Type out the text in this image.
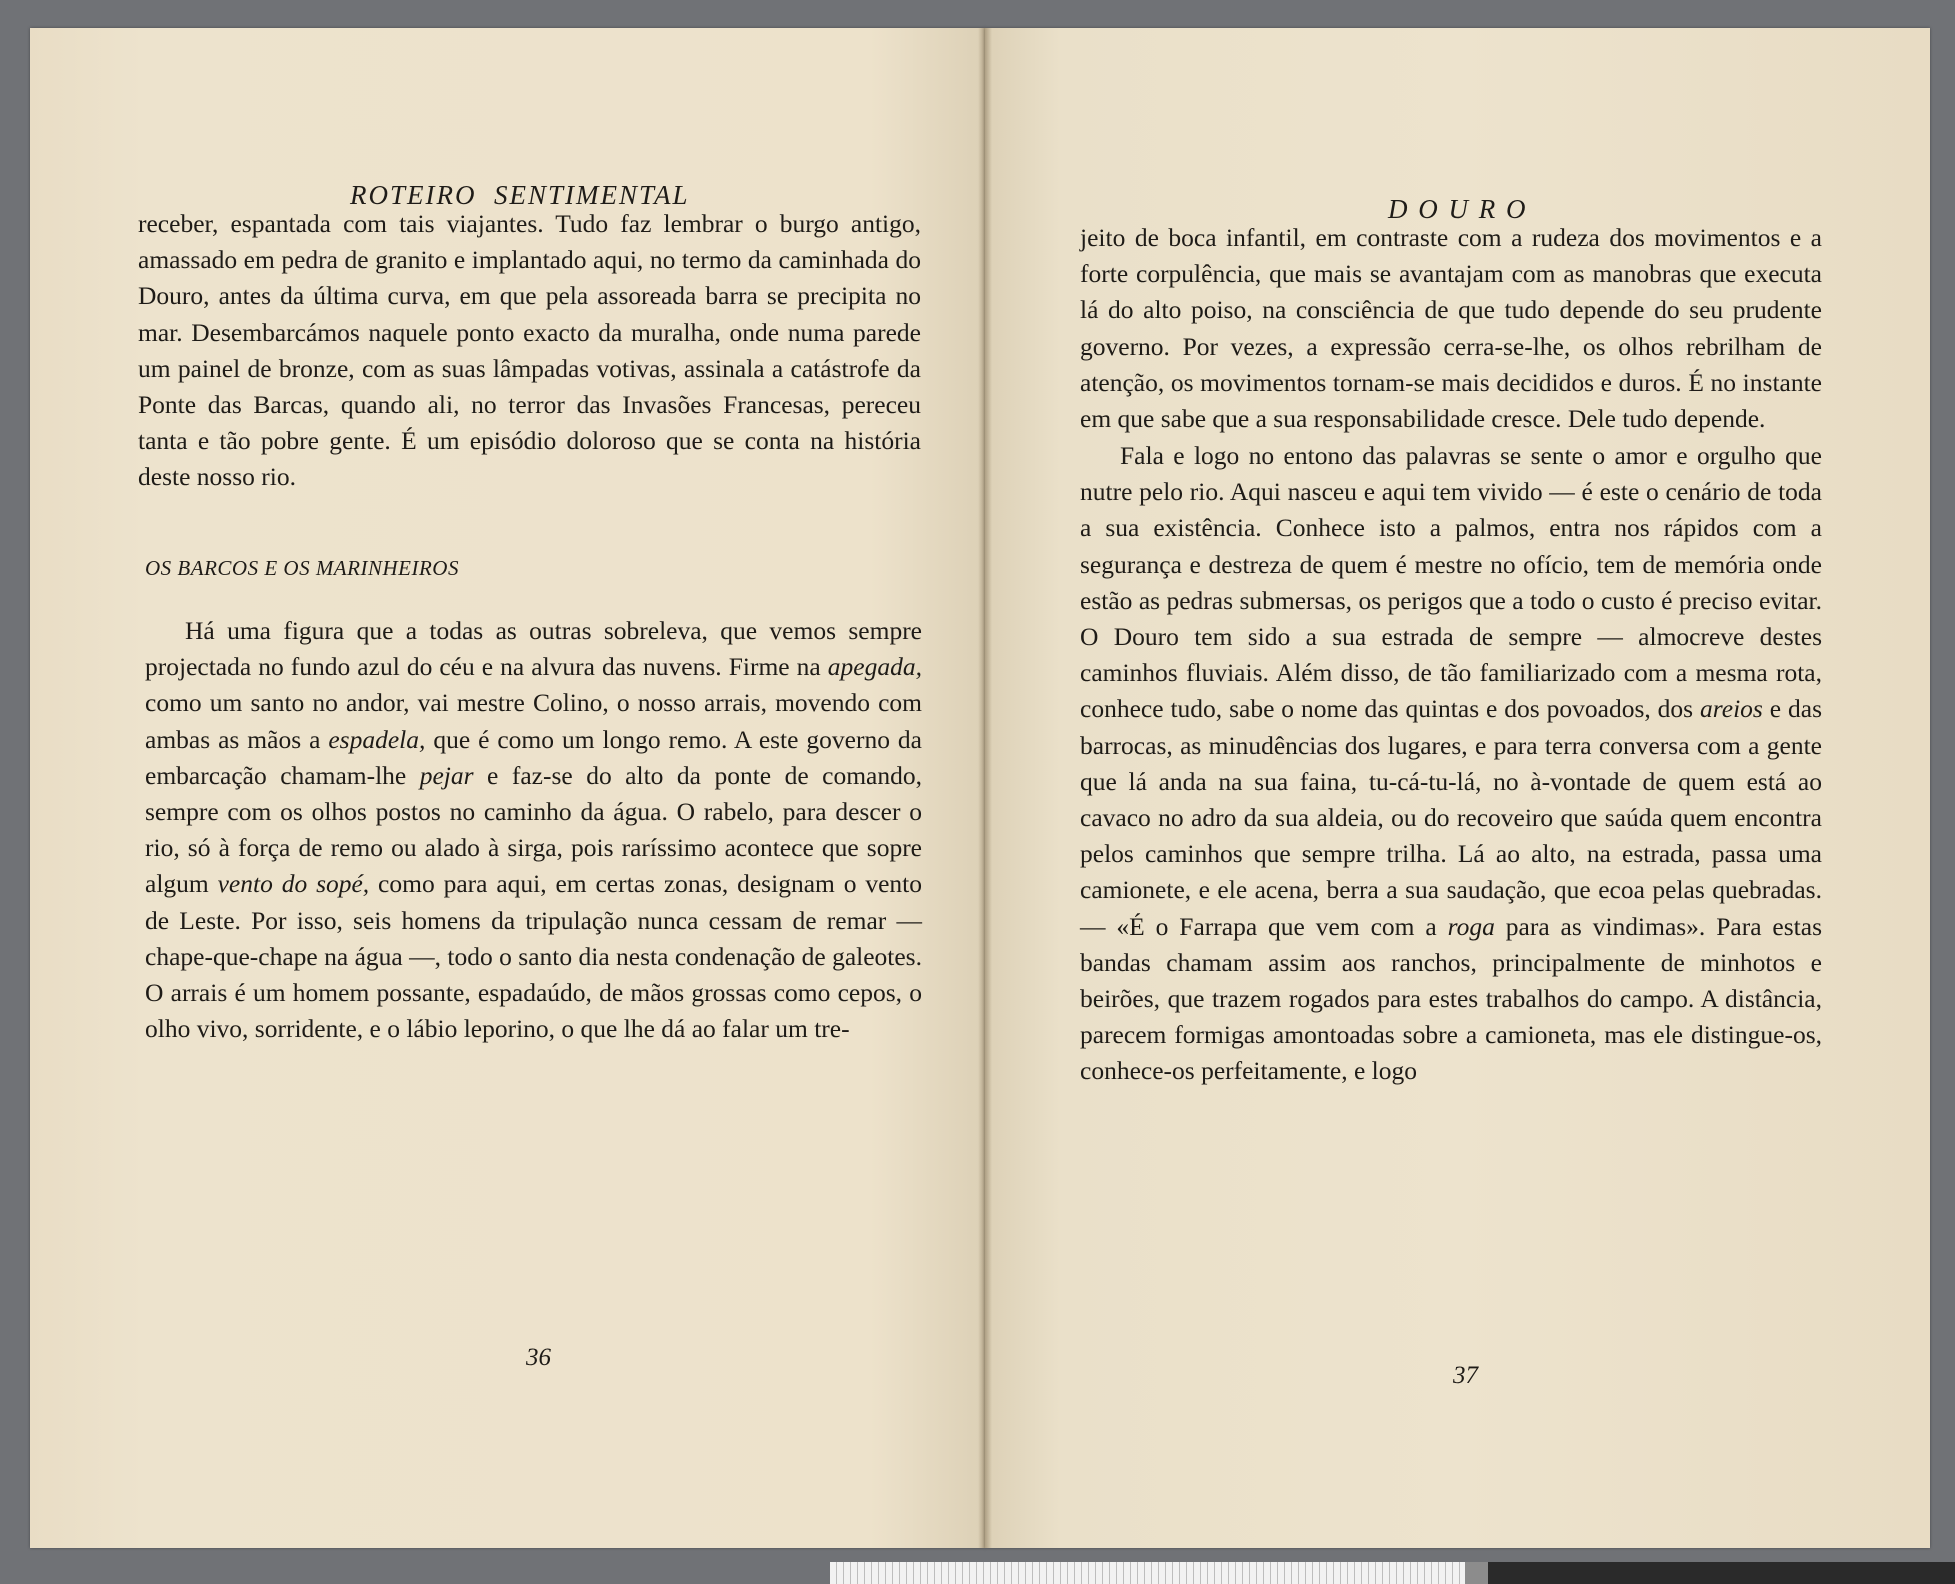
ROTEIRO  SENTIMENTAL

receber, espantada com tais viajantes. Tudo faz lembrar o burgo antigo, amassado em pedra de granito e implantado aqui, no termo da caminhada do Douro, antes da última curva, em que pela assoreada barra se precipita no mar. Desembarcámos naquele ponto exacto da muralha, onde numa parede um painel de bronze, com as suas lâmpadas votivas, assinala a catástrofe da Ponte das Barcas, quando ali, no terror das Invasões Francesas, pereceu tanta e tão pobre gente. É um episódio doloroso que se conta na história deste nosso rio.

OS BARCOS E OS MARINHEIROS

Há uma figura que a todas as outras sobreleva, que vemos sempre projectada no fundo azul do céu e na alvura das nuvens. Firme na apegada, como um santo no andor, vai mestre Colino, o nosso arrais, movendo com ambas as mãos a espadela, que é como um longo remo. A este governo da embarcação chamam-lhe pejar e faz-se do alto da ponte de comando, sempre com os olhos postos no caminho da água. O rabelo, para descer o rio, só à força de remo ou alado à sirga, pois raríssimo acontece que sopre algum vento do sopé, como para aqui, em certas zonas, designam o vento de Leste. Por isso, seis homens da tripulação nunca cessam de remar — chape-que-chape na água —, todo o santo dia nesta condenação de galeotes. O arrais é um homem possante, espadaúdo, de mãos grossas como cepos, o olho vivo, sorridente, e o lábio leporino, o que lhe dá ao falar um tre-

36
D O U R O

jeito de boca infantil, em contraste com a rudeza dos movimentos e a forte corpulência, que mais se avantajam com as manobras que executa lá do alto poiso, na consciência de que tudo depende do seu prudente governo. Por vezes, a expressão cerra-se-lhe, os olhos rebrilham de atenção, os movimentos tornam-se mais decididos e duros. É no instante em que sabe que a sua responsabilidade cresce. Dele tudo depende.

Fala e logo no entono das palavras se sente o amor e orgulho que nutre pelo rio. Aqui nasceu e aqui tem vivido — é este o cenário de toda a sua existência. Conhece isto a palmos, entra nos rápidos com a segurança e destreza de quem é mestre no ofício, tem de memória onde estão as pedras submersas, os perigos que a todo o custo é preciso evitar. O Douro tem sido a sua estrada de sempre — almocreve destes caminhos fluviais. Além disso, de tão familiarizado com a mesma rota, conhece tudo, sabe o nome das quintas e dos povoados, dos areios e das barrocas, as minudências dos lugares, e para terra conversa com a gente que lá anda na sua faina, tu-cá-tu-lá, no à-vontade de quem está ao cavaco no adro da sua aldeia, ou do recoveiro que saúda quem encontra pelos caminhos que sempre trilha. Lá ao alto, na estrada, passa uma camionete, e ele acena, berra a sua saudação, que ecoa pelas quebradas. — «É o Farrapa que vem com a roga para as vindimas». Para estas bandas chamam assim aos ranchos, principalmente de minhotos e beirões, que trazem rogados para estes trabalhos do campo. A distância, parecem formigas amontoadas sobre a camioneta, mas ele distingue-os, conhece-os perfeitamente, e logo

37
